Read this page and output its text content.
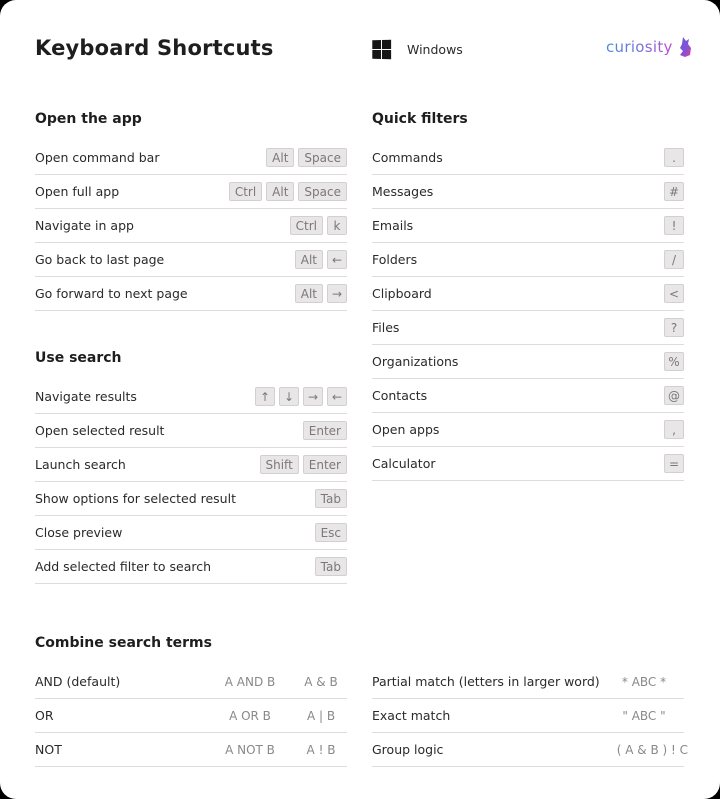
Keyboard Shortcuts	Windows	curiosity
Open the app
Open command bar	Alt	Space
Open full app	Ctrl	Alt	Space
Navigate in app	Ctrl	k
Go back to last page	Alt	←
Go forward to next page	Alt	→
Use search
Navigate results	↑	↓	→	←
Open selected result	Enter
Launch search	Shift	Enter
Show options for selected result	Tab
Close preview	Esc
Add selected filter to search	Tab
Quick filters
Commands	.
Messages	#
Emails	!
Folders	/
Clipboard	<
Files	?
Organizations	%
Contacts	@
Open apps	,
Calculator	=
Combine search terms
AND (default)	A AND B	A & B
OR	A OR B	A | B
NOT	A NOT B	A ! B
Partial match (letters in larger word)	* ABC *
Exact match	" ABC "
Group logic	( A & B ) ! C
